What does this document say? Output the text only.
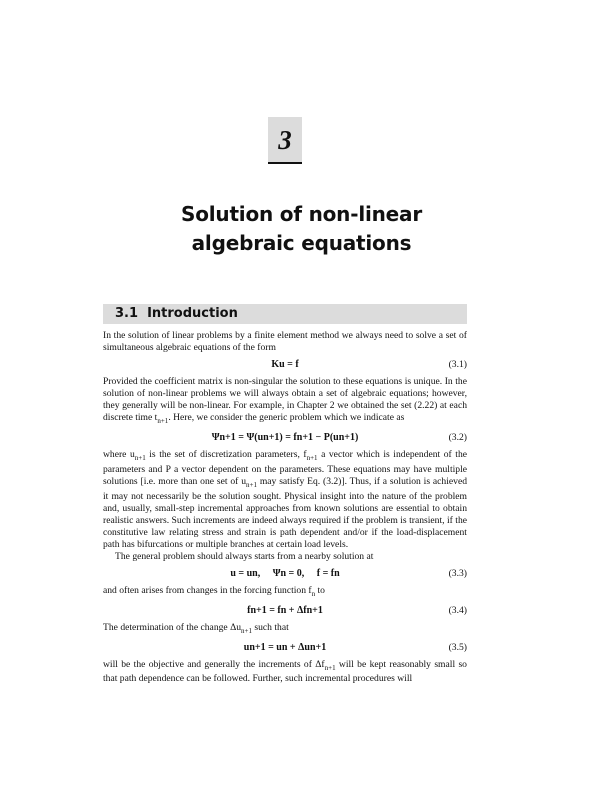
3
Solution of non-linear
algebraic equations
3.1 Introduction

In the solution of linear problems by a finite element method we always need to solve a set of simultaneous algebraic equations of the form

Ku = f	(3.1)

Provided the coefficient matrix is non-singular the solution to these equations is unique. In the solution of non-linear problems we will always obtain a set of algebraic equations; however, they generally will be non-linear. For example, in Chapter 2 we obtained the set (2.22) at each discrete time $t_{n+1}$. Here, we consider the generic problem which we indicate as

Ψn+1 = Ψ(un+1) = fn+1 − P(un+1)	(3.2)

where $u_{n+1}$ is the set of discretization parameters, $f_{n+1}$ a vector which is independent of the parameters and P a vector dependent on the parameters. These equations may have multiple solutions [i.e. more than one set of $u_{n+1}$ may satisfy Eq. (3.2)]. Thus, if a solution is achieved it may not necessarily be the solution sought. Physical insight into the nature of the problem and, usually, small-step incremental approaches from known solutions are essential to obtain realistic answers. Such increments are indeed always required if the problem is transient, if the constitutive law relating stress and strain is path dependent and/or if the load-displacement path has bifurcations or multiple branches at certain load levels.

The general problem should always starts from a nearby solution at

u = un,     Ψn = 0,     f = fn	(3.3)

and often arises from changes in the forcing function $f_n$ to

fn+1 = fn + Δfn+1	(3.4)

The determination of the change $\Delta u_{n+1}$ such that

un+1 = un + Δun+1	(3.5)

will be the objective and generally the increments of $\Delta f_{n+1}$ will be kept reasonably small so that path dependence can be followed. Further, such incremental procedures will
